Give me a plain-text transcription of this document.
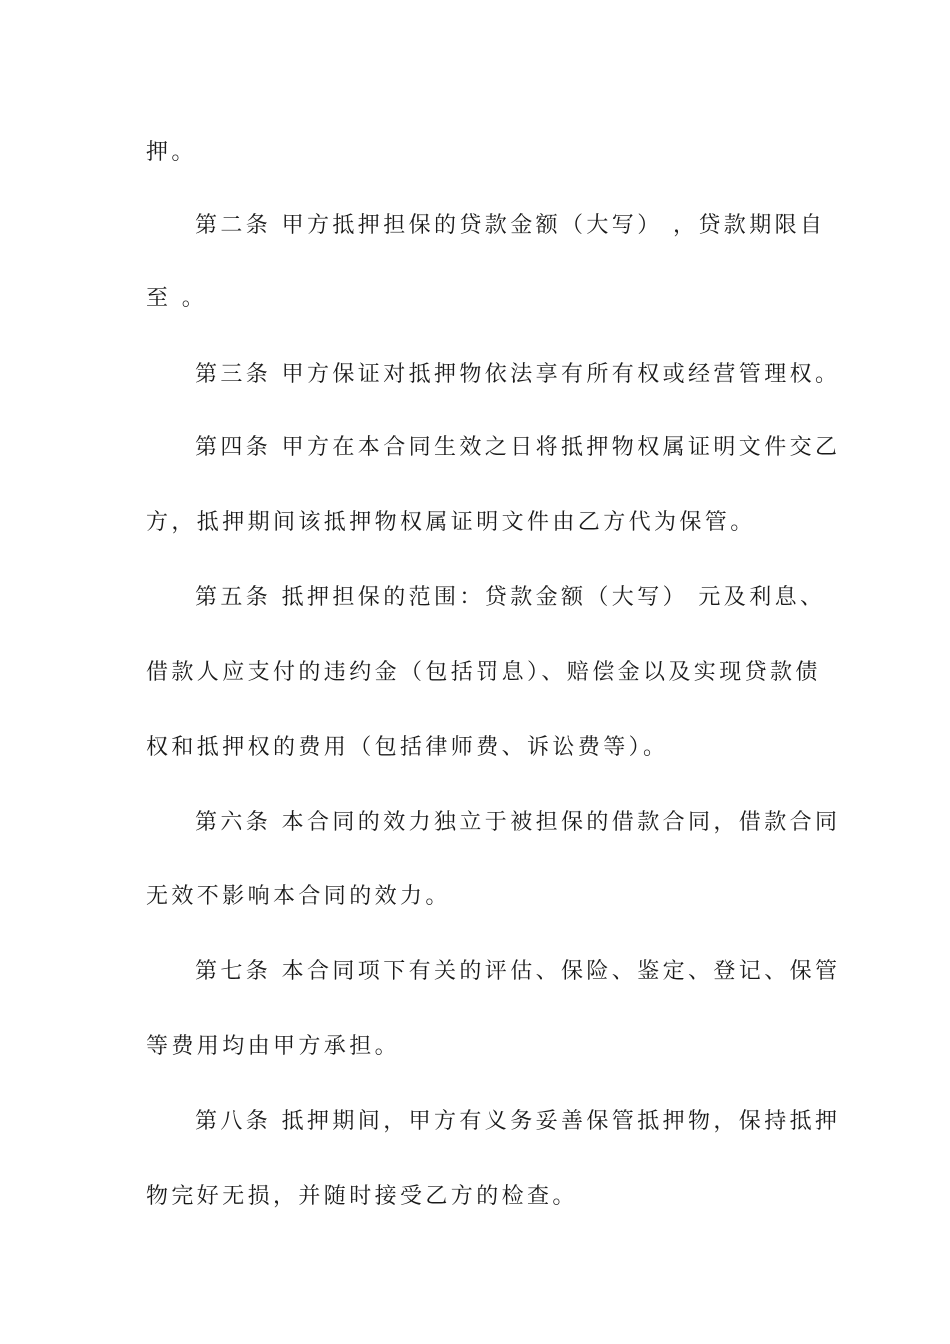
押。
第二条 甲方抵押担保的贷款金额（大写） ，贷款期限自
至 。
第三条 甲方保证对抵押物依法享有所有权或经营管理权。
第四条 甲方在本合同生效之日将抵押物权属证明文件交乙
方，抵押期间该抵押物权属证明文件由乙方代为保管。
第五条 抵押担保的范围：贷款金额（大写） 元及利息、
借款人应支付的违约金（包括罚息）、赔偿金以及实现贷款债
权和抵押权的费用（包括律师费、诉讼费等）。
第六条 本合同的效力独立于被担保的借款合同，借款合同
无效不影响本合同的效力。
第七条 本合同项下有关的评估、保险、鉴定、登记、保管
等费用均由甲方承担。
第八条 抵押期间，甲方有义务妥善保管抵押物，保持抵押
物完好无损，并随时接受乙方的检查。
